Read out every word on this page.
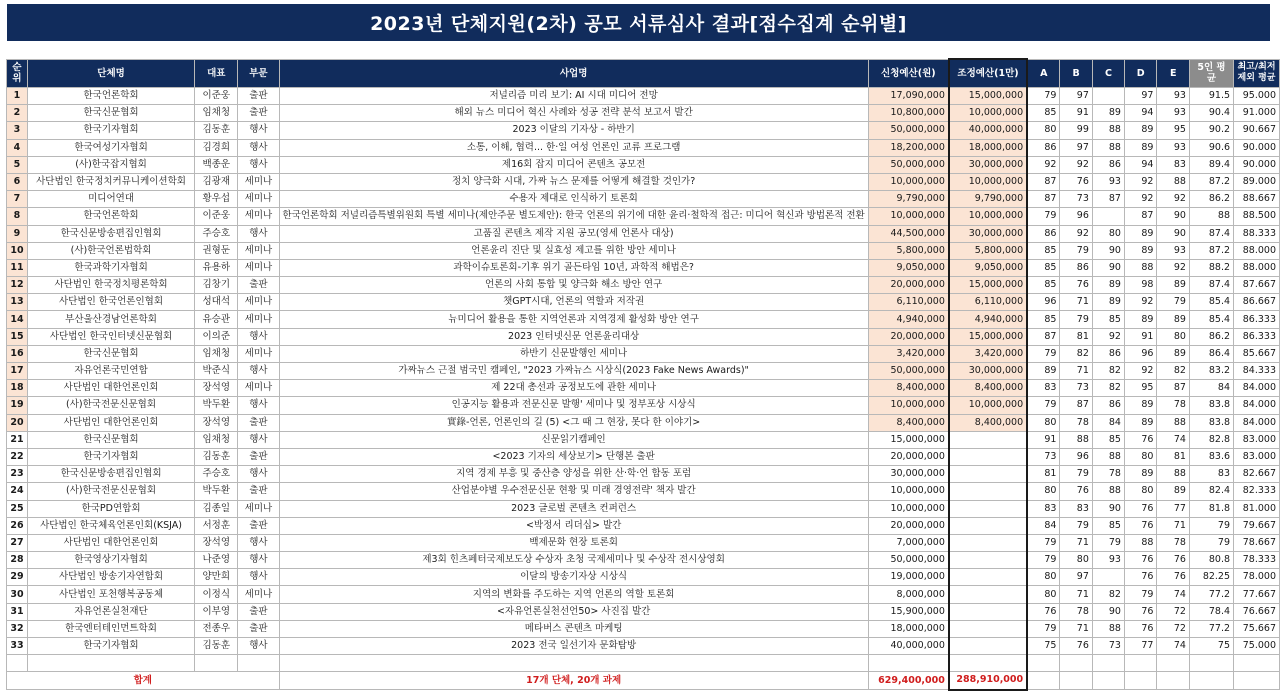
2023년 단체지원(2차) 공모 서류심사 결과[점수집계 순위별]
순위	단체명	대표	부문	사업명	신청예산(원)	조정예산(1만)	A	B	C	D	E	5인 평균	최고/최저
제외 평균
1	한국언론학회	이준웅	출판	저널리즘 미리 보기: AI 시대 미디어 전망	17,090,000	15,000,000	79	97		97	93	91.5	95.000
2	한국신문협회	임채청	출판	해외 뉴스 미디어 혁신 사례와 성공 전략 분석 보고서 발간	10,800,000	10,000,000	85	91	89	94	93	90.4	91.000
3	한국기자협회	김동훈	행사	2023 이달의 기자상 - 하반기	50,000,000	40,000,000	80	99	88	89	95	90.2	90.667
4	한국여성기자협회	김경희	행사	소통, 이해, 협력... 한·일 여성 언론인 교류 프로그램	18,200,000	18,000,000	86	97	88	89	93	90.6	90.000
5	(사)한국잡지협회	백종운	행사	제16회 잡지 미디어 콘텐츠 공모전	50,000,000	30,000,000	92	92	86	94	83	89.4	90.000
6	사단법인 한국정치커뮤니케이션학회	김광재	세미나	정치 양극화 시대, 가짜 뉴스 문제를 어떻게 해결할 것인가?	10,000,000	10,000,000	87	76	93	92	88	87.2	89.000
7	미디어연대	황우섭	세미나	수용자 제대로 인식하기 토론회	9,790,000	9,790,000	87	73	87	92	92	86.2	88.667
8	한국언론학회	이준웅	세미나	한국언론학회 저널리즘특별위원회 특별 세미나(제안주문 별도제안): 한국 언론의 위기에 대한 윤리·철학적 접근: 미디어 혁신과 방법론적 전환	10,000,000	10,000,000	79	96		87	90	88	88.500
9	한국신문방송편집인협회	주승호	행사	고품질 콘텐츠 제작 지원 공모(영세 언론사 대상)	44,500,000	30,000,000	86	92	80	89	90	87.4	88.333
10	(사)한국언론법학회	권형둔	세미나	언론윤리 진단 및 실효성 제고를 위한 방안 세미나	5,800,000	5,800,000	85	79	90	89	93	87.2	88.000
11	한국과학기자협회	유용하	세미나	과학이슈토론회-기후 위기 골든타임 10년, 과학적 해법은?	9,050,000	9,050,000	85	86	90	88	92	88.2	88.000
12	사단법인 한국정치평론학회	김창기	출판	언론의 사회 통합 및 양극화 해소 방안 연구	20,000,000	15,000,000	85	76	89	98	89	87.4	87.667
13	사단법인 한국언론인협회	성대석	세미나	챗GPT시대, 언론의 역할과 저작권	6,110,000	6,110,000	96	71	89	92	79	85.4	86.667
14	부산울산경남언론학회	유승관	세미나	뉴미디어 활용을 통한 지역언론과 지역경제 활성화 방안 연구	4,940,000	4,940,000	85	79	85	89	89	85.4	86.333
15	사단법인 한국인터넷신문협회	이의준	행사	2023 인터넷신문 언론윤리대상	20,000,000	15,000,000	87	81	92	91	80	86.2	86.333
16	한국신문협회	임채청	세미나	하반기 신문발행인 세미나	3,420,000	3,420,000	79	82	86	96	89	86.4	85.667
17	자유언론국민연합	박준식	행사	가짜뉴스 근절 범국민 캠페인, "2023 가짜뉴스 시상식(2023 Fake News Awards)"	50,000,000	30,000,000	89	71	82	92	82	83.2	84.333
18	사단법인 대한언론인회	장석영	세미나	제 22대 총선과 공정보도에 관한 세미나	8,400,000	8,400,000	83	73	82	95	87	84	84.000
19	(사)한국전문신문협회	박두환	행사	인공지능 활용과 전문신문 발행' 세미나 및 정부포상 시상식	10,000,000	10,000,000	79	87	86	89	78	83.8	84.000
20	사단법인 대한언론인회	장석영	출판	實錄-언론, 언론인의 길 (5) <그 때 그 현장, 못다 한 이야기>	8,400,000	8,400,000	80	78	84	89	88	83.8	84.000
21	한국신문협회	임채청	행사	신문읽기캠페인	15,000,000		91	88	85	76	74	82.8	83.000
22	한국기자협회	김동훈	출판	<2023 기자의 세상보기> 단행본 출판	20,000,000		73	96	88	80	81	83.6	83.000
23	한국신문방송편집인협회	주승호	행사	지역 경제 부흥 및 중산층 양성을 위한 산·학·언 합동 포럼	30,000,000		81	79	78	89	88	83	82.667
24	(사)한국전문신문협회	박두환	출판	산업분야별 우수전문신문 현황 및 미래 경영전략' 책자 발간	10,000,000		80	76	88	80	89	82.4	82.333
25	한국PD연합회	김종일	세미나	2023 글로벌 콘텐츠 컨퍼런스	10,000,000		83	83	90	76	77	81.8	81.000
26	사단법인 한국체육언론인회(KSJA)	서정훈	출판	<박정서 리더십> 발간	20,000,000		84	79	85	76	71	79	79.667
27	사단법인 대한언론인회	장석영	행사	백제문화 현장 토론회	7,000,000		79	71	79	88	78	79	78.667
28	한국영상기자협회	나준영	행사	제3회 힌츠페터국제보도상 수상자 초청 국제세미나 및 수상작 전시상영회	50,000,000		79	80	93	76	76	80.8	78.333
29	사단법인 방송기자연합회	양만희	행사	이달의 방송기자상 시상식	19,000,000		80	97		76	76	82.25	78.000
30	사단법인 포천행복공동체	이정식	세미나	지역의 변화를 주도하는 지역 언론의 역할 토론회	8,000,000		80	71	82	79	74	77.2	77.667
31	자유언론실천재단	이부영	출판	<자유언론실천선언50> 사진집 발간	15,900,000		76	78	90	76	72	78.4	76.667
32	한국엔터테인먼트학회	전종우	출판	메타버스 콘텐츠 마케팅	18,000,000		79	71	88	76	72	77.2	75.667
33	한국기자협회	김동훈	행사	2023 전국 일선기자 문화탐방	40,000,000		75	76	73	77	74	75	75.000

합계				17개 단체, 20개 과제	629,400,000	288,910,000							
